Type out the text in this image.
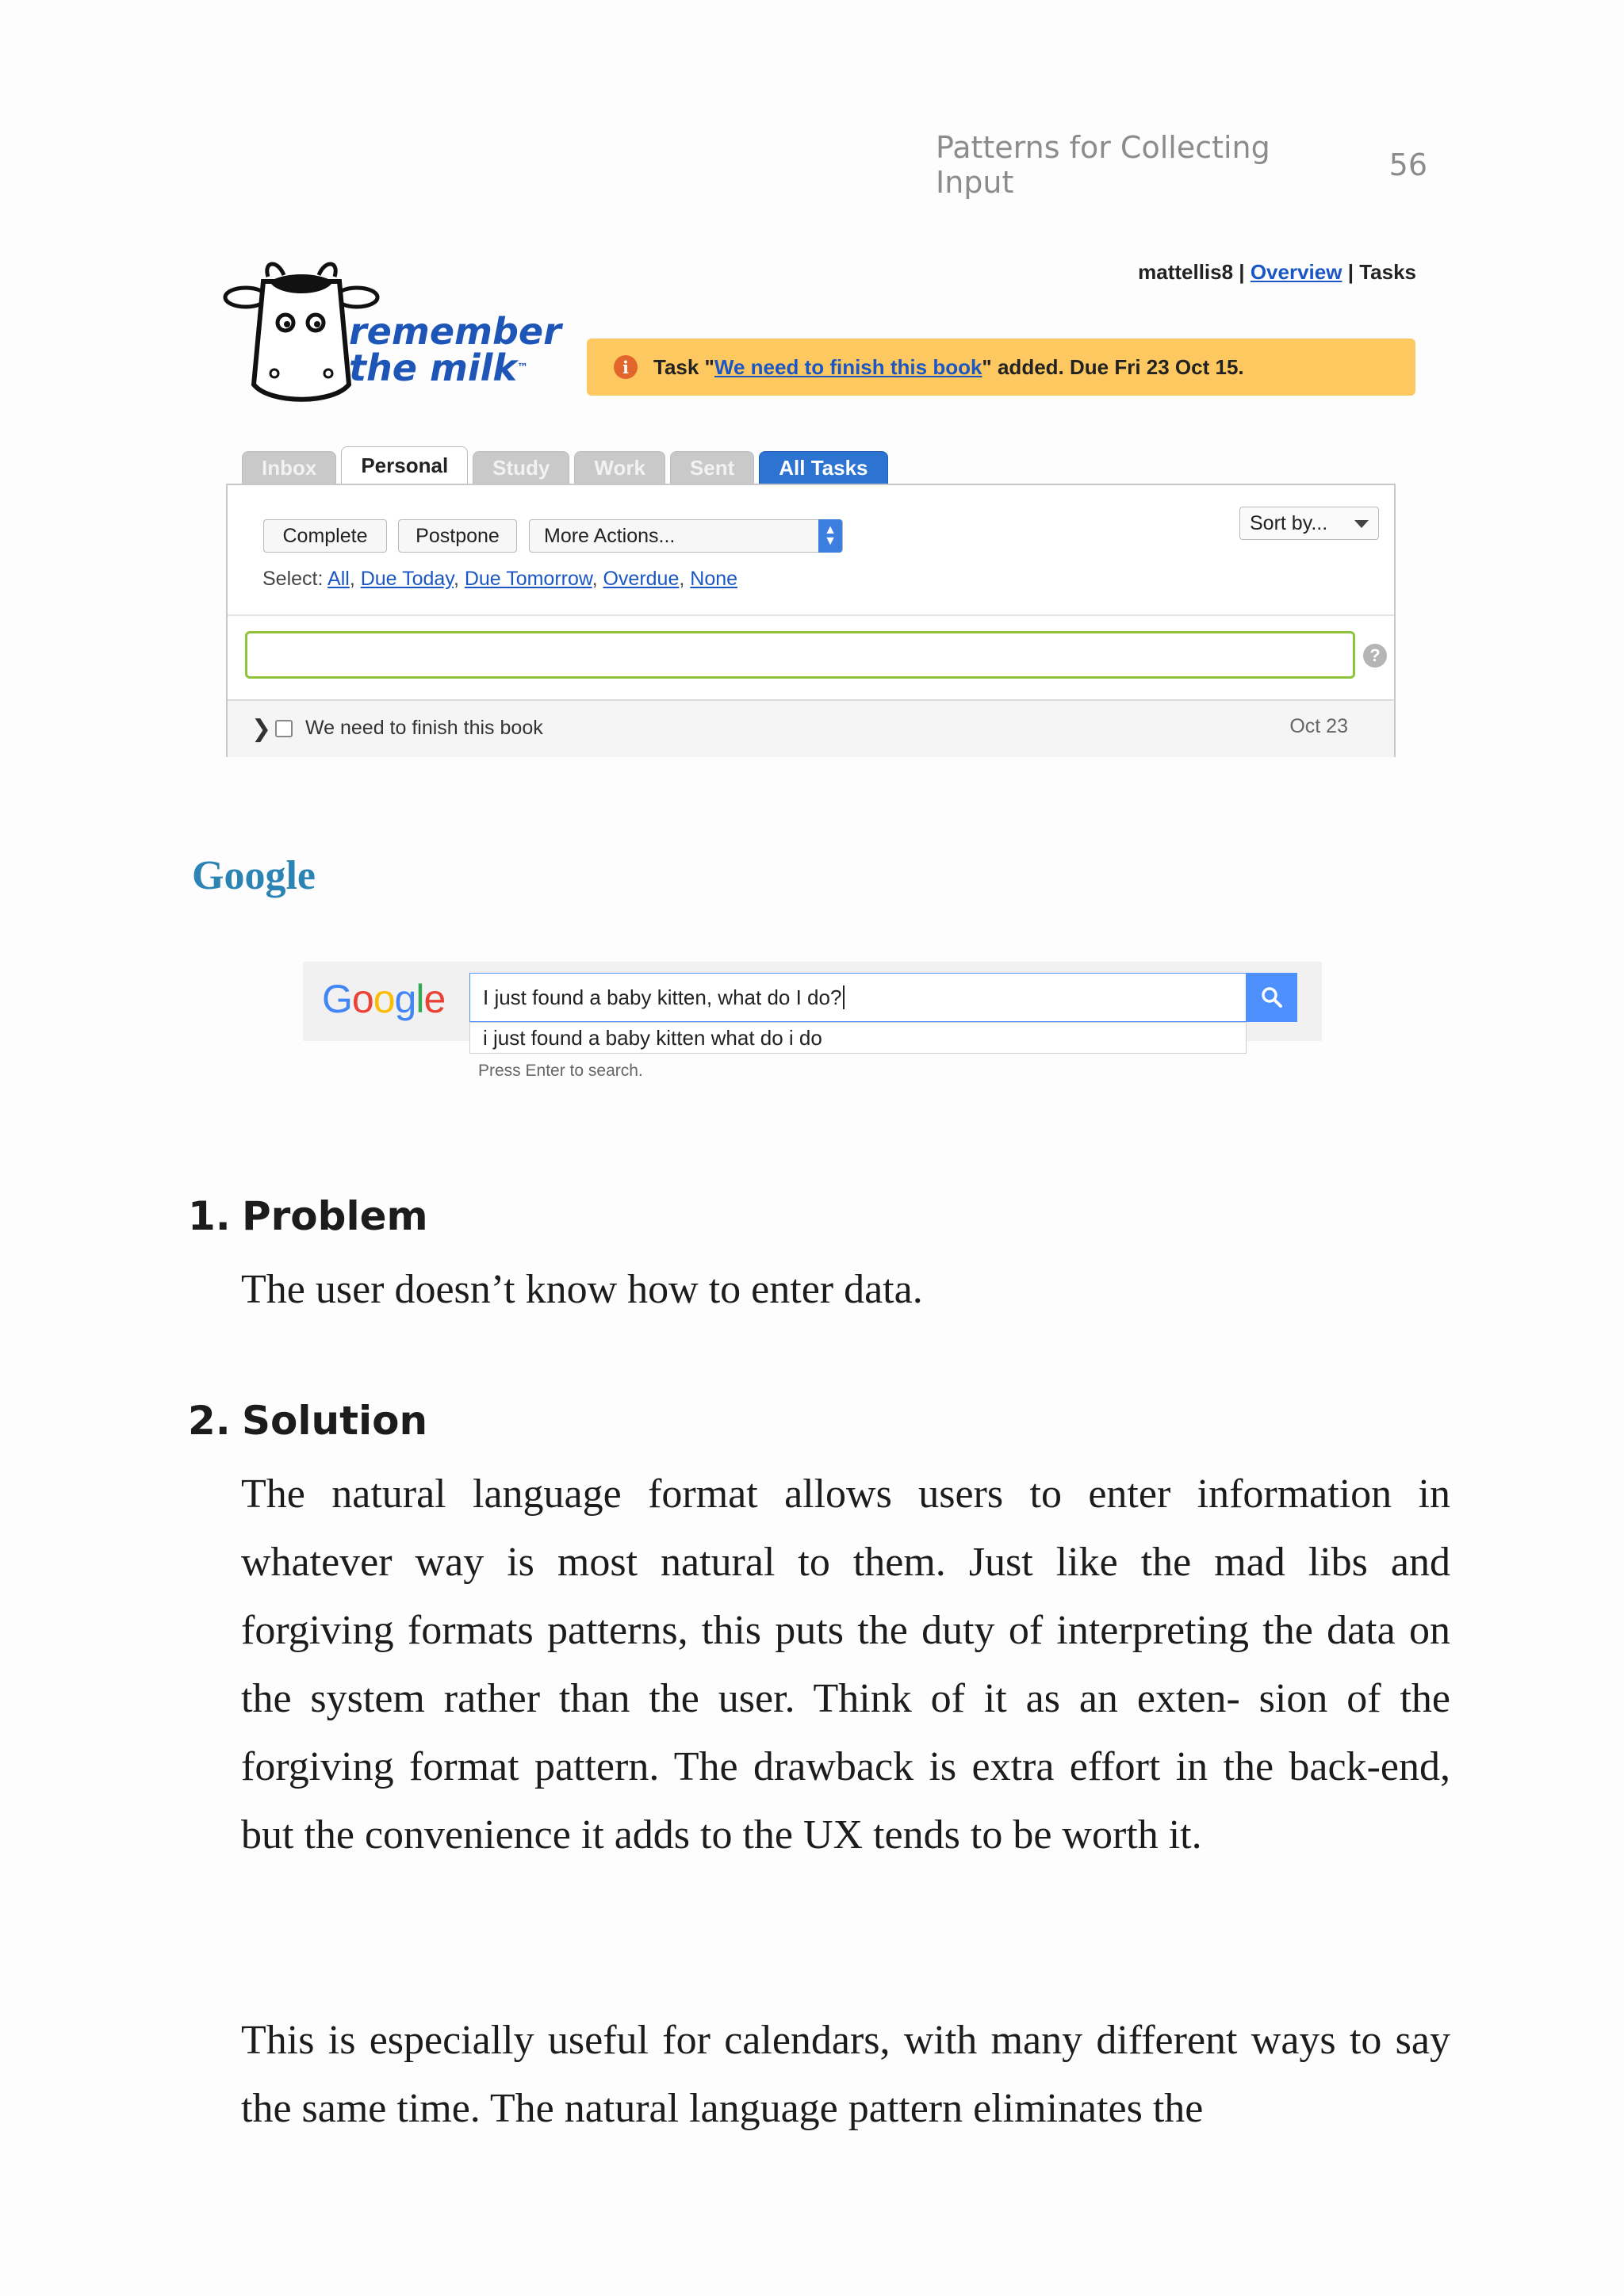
Patterns for Collecting Input	56
remember
the milk™
mattellis8 | Overview | Tasks
i	Task " We need to finish this book " added. Due Fri 23 Oct 15.
Inbox	Personal	Study	Work	Sent	All Tasks
Complete	Postpone	More Actions...	▲
▼
Sort by...
Select: All, Due Today, Due Tomorrow, Overdue, None
?
❯ We need to finish this book	Oct 23
Google
Google I just found a baby kitten, what do I do?
i just found a baby kitten what do i do
Press Enter to search.
1. Problem
The user doesn’t know how to enter data.
2. Solution
The natural language format allows users to enter information in whatever way is most natural to them. Just like the mad libs and forgiving formats patterns, this puts the duty of interpreting the data on the system rather than the user. Think of it as an exten- sion of the forgiving format pattern. The drawback is extra effort in the back-end, but the convenience it adds to the UX tends to be worth it.
This is especially useful for calendars, with many different ways to say the same time. The natural language pattern eliminates the
